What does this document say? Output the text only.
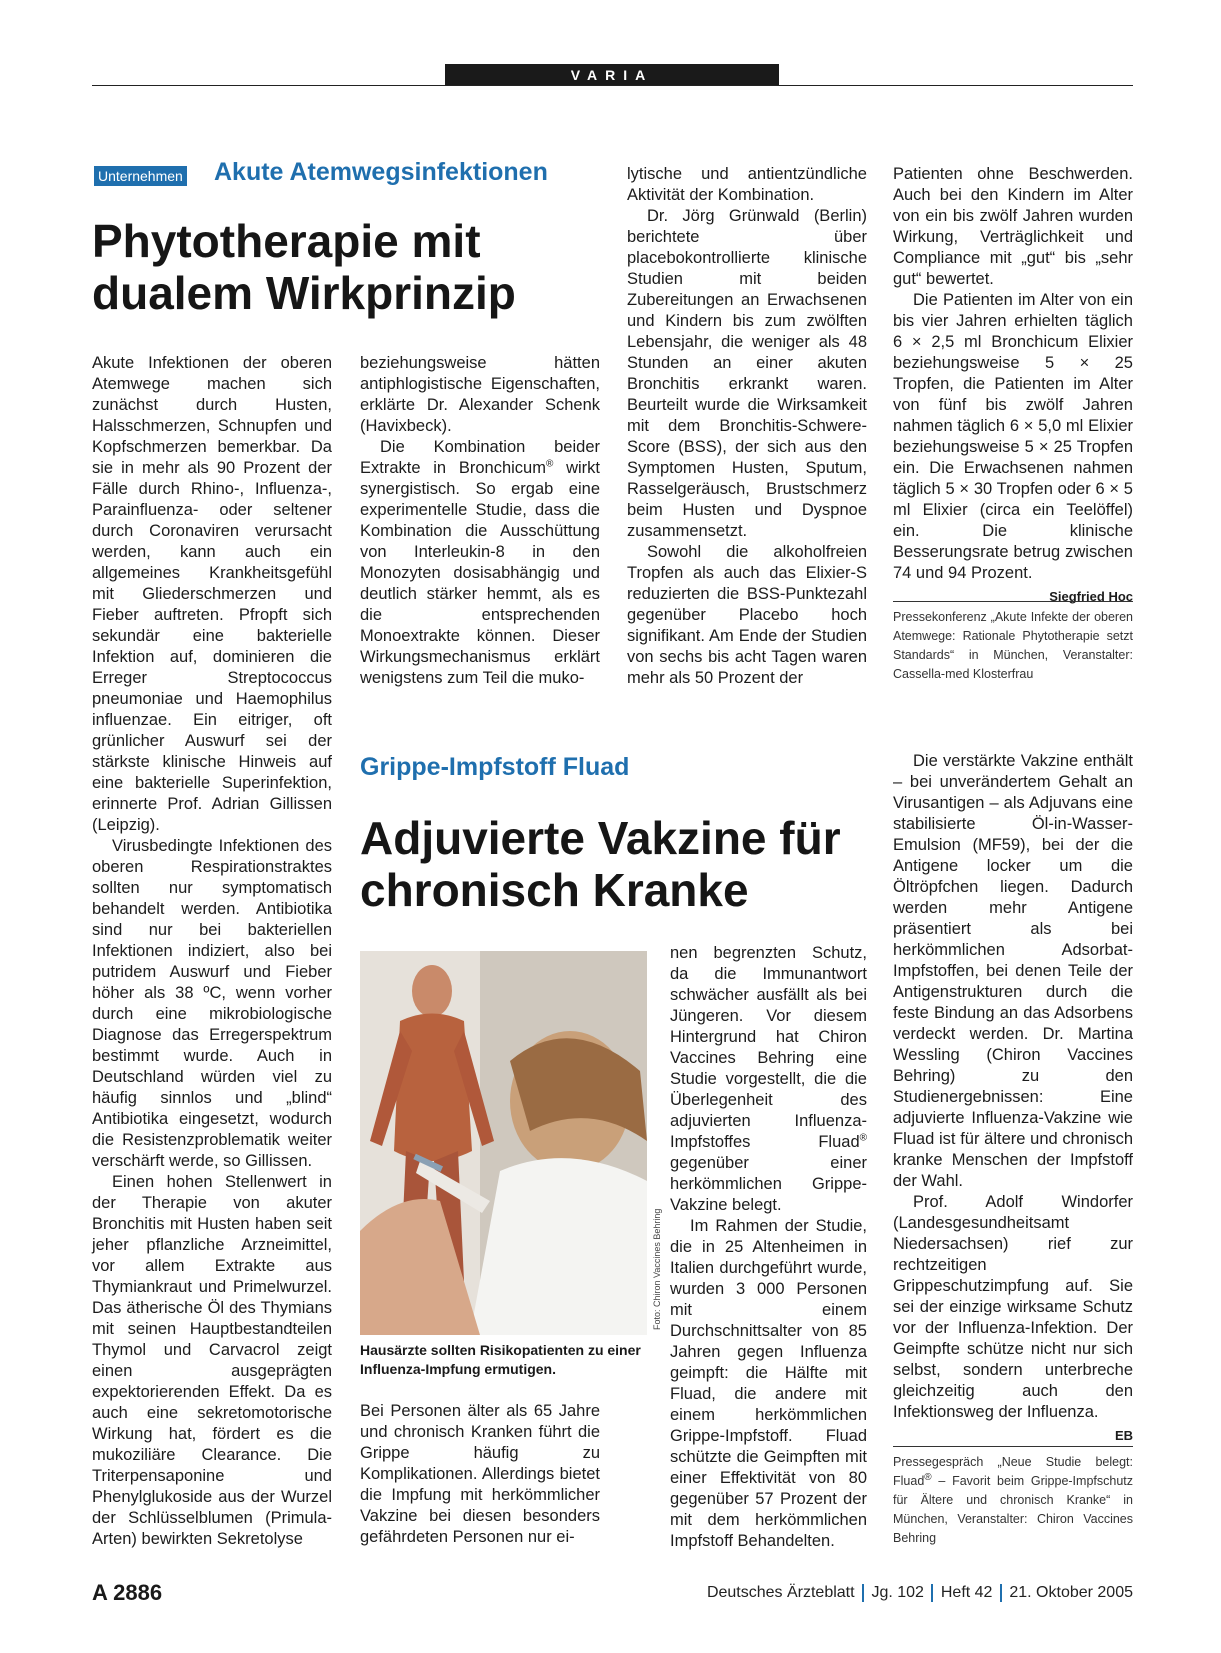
VARIA
Unternehmen Akute Atemwegsinfektionen
Phytotherapie mit
dualem Wirkprinzip

Akute Infektionen der oberen Atemwege machen sich zunächst durch Husten, Halsschmerzen, Schnupfen und Kopfschmerzen bemerkbar. Da sie in mehr als 90 Prozent der Fälle durch Rhino-, Influenza-, Parainfluenza- oder seltener durch Coronaviren verursacht werden, kann auch ein allgemeines Krankheitsgefühl mit Gliederschmerzen und Fieber auftreten. Pfropft sich sekundär eine bakterielle Infektion auf, dominieren die Erreger Streptococcus pneumoniae und Haemophilus influenzae. Ein eitriger, oft grünlicher Auswurf sei der stärkste klinische Hinweis auf eine bakterielle Superinfektion, erinnerte Prof. Adrian Gillissen (Leipzig).

Virusbedingte Infektionen des oberen Respirationstraktes sollten nur symptomatisch behandelt werden. Antibiotika sind nur bei bakteriellen Infektionen indiziert, also bei putridem Auswurf und Fieber höher als 38 ºC, wenn vorher durch eine mikrobiologische Diagnose das Erregerspektrum bestimmt wurde. Auch in Deutschland würden viel zu häufig sinnlos und „blind“ Antibiotika eingesetzt, wodurch die Resistenzproblematik weiter verschärft werde, so Gillissen.

Einen hohen Stellenwert in der Therapie von akuter Bronchitis mit Husten haben seit jeher pflanzliche Arzneimittel, vor allem Extrakte aus Thymiankraut und Primelwurzel. Das ätherische Öl des Thymians mit seinen Hauptbestandteilen Thymol und Carvacrol zeigt einen ausgeprägten expektorierenden Effekt. Da es auch eine sekretomotorische Wirkung hat, fördert es die mukoziliäre Clearance. Die Triterpensaponine und Phenylglukoside aus der Wurzel der Schlüsselblumen (Primula-Arten) bewirkten Sekretolyse

beziehungsweise hätten antiphlogistische Eigenschaften, erklärte Dr. Alexander Schenk (Havixbeck).

Die Kombination beider Extrakte in Bronchicum® wirkt synergistisch. So ergab eine experimentelle Studie, dass die Kombination die Ausschüttung von Interleukin-8 in den Monozyten dosisabhängig und deutlich stärker hemmt, als es die entsprechenden Monoextrakte können. Dieser Wirkungsmechanismus erklärt wenigstens zum Teil die muko-

lytische und antientzündliche Aktivität der Kombination.

Dr. Jörg Grünwald (Berlin) berichtete über placebokontrollierte klinische Studien mit beiden Zubereitungen an Erwachsenen und Kindern bis zum zwölften Lebensjahr, die weniger als 48 Stunden an einer akuten Bronchitis erkrankt waren. Beurteilt wurde die Wirksamkeit mit dem Bronchitis-Schwere-Score (BSS), der sich aus den Symptomen Husten, Sputum, Rasselgeräusch, Brustschmerz beim Husten und Dyspnoe zusammensetzt.

Sowohl die alkoholfreien Tropfen als auch das Elixier-S reduzierten die BSS-Punktezahl gegenüber Placebo hoch signifikant. Am Ende der Studien von sechs bis acht Tagen waren mehr als 50 Prozent der

Patienten ohne Beschwerden. Auch bei den Kindern im Alter von ein bis zwölf Jahren wurden Wirkung, Verträglichkeit und Compliance mit „gut“ bis „sehr gut“ bewertet.

Die Patienten im Alter von ein bis vier Jahren erhielten täglich 6 × 2,5 ml Bronchicum Elixier beziehungsweise 5 × 25 Tropfen, die Patienten im Alter von fünf bis zwölf Jahren nahmen täglich 6 × 5,0 ml Elixier beziehungsweise 5 × 25 Tropfen ein. Die Erwachsenen nahmen täglich 5 × 30 Tropfen oder 6 × 5 ml Elixier (circa ein Teelöffel) ein. Die klinische Besserungsrate betrug zwischen 74 und 94 Prozent.
Siegfried Hoc

Pressekonferenz „Akute Infekte der oberen Atemwege: Rationale Phytotherapie setzt Standards“ in München, Veranstalter: Cassella-med Klosterfrau
Grippe-Impfstoff Fluad
Adjuvierte Vakzine für
chronisch Kranke
Foto: Chiron Vaccines Behring
Hausärzte sollten Risikopatienten zu einer Influenza-Impfung ermutigen.

Bei Personen älter als 65 Jahre und chronisch Kranken führt die Grippe häufig zu Komplikationen. Allerdings bietet die Impfung mit herkömmlicher Vakzine bei diesen besonders gefährdeten Personen nur ei-

nen begrenzten Schutz, da die Immunantwort schwächer ausfällt als bei Jüngeren. Vor diesem Hintergrund hat Chiron Vaccines Behring eine Studie vorgestellt, die die Überlegenheit des adjuvierten Influenza-Impfstoffes Fluad® gegenüber einer herkömmlichen Grippe-Vakzine belegt.

Im Rahmen der Studie, die in 25 Altenheimen in Italien durchgeführt wurde, wurden 3 000 Personen mit einem Durchschnittsalter von 85 Jahren gegen Influenza geimpft: die Hälfte mit Fluad, die andere mit einem herkömmlichen Grippe-Impfstoff. Fluad schützte die Geimpften mit einer Effektivität von 80 gegenüber 57 Prozent der mit dem herkömmlichen Impfstoff Behandelten.

Die verstärkte Vakzine enthält – bei unverändertem Gehalt an Virusantigen – als Adjuvans eine stabilisierte Öl-in-Wasser-Emulsion (MF59), bei der die Antigene locker um die Öltröpfchen liegen. Dadurch werden mehr Antigene präsentiert als bei herkömmlichen Adsorbat-Impfstoffen, bei denen Teile der Antigenstrukturen durch die feste Bindung an das Adsorbens verdeckt werden. Dr. Martina Wessling (Chiron Vaccines Behring) zu den Studienergebnissen: Eine adjuvierte Influenza-Vakzine wie Fluad ist für ältere und chronisch kranke Menschen der Impfstoff der Wahl.

Prof. Adolf Windorfer (Landesgesundheitsamt Niedersachsen) rief zur rechtzeitigen Grippeschutzimpfung auf. Sie sei der einzige wirksame Schutz vor der Influenza-Infektion. Der Geimpfte schütze nicht nur sich selbst, sondern unterbreche gleichzeitig auch den Infektionsweg der Influenza.
EB

Pressegespräch „Neue Studie belegt: Fluad® – Favorit beim Grippe-Impfschutz für Ältere und chronisch Kranke“ in München, Veranstalter: Chiron Vaccines Behring
A 2886	Deutsches Ärzteblatt Jg. 102 Heft 42 21. Oktober 2005
